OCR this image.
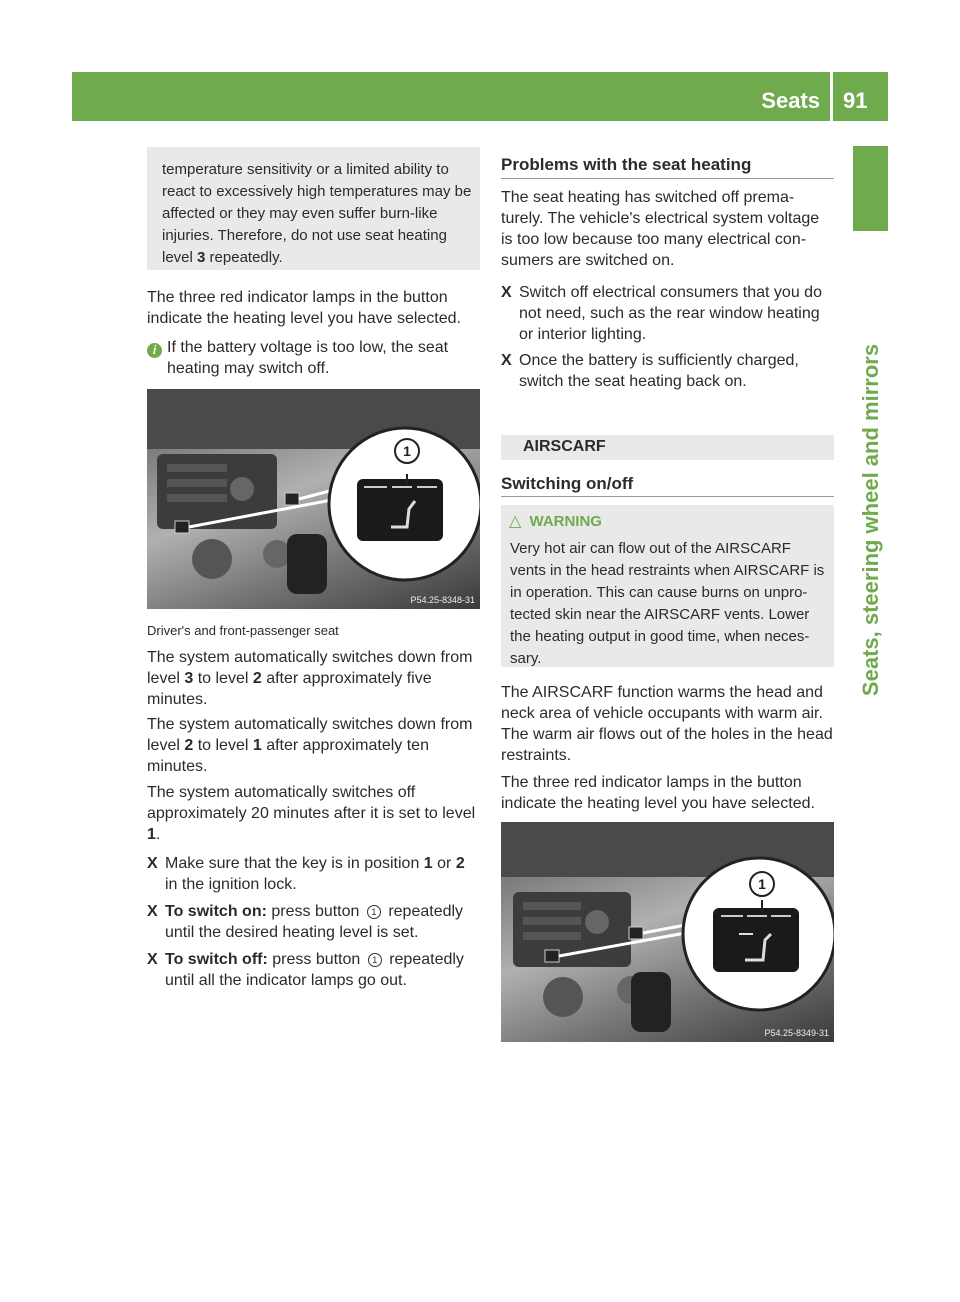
Seats 91
Seats, steering wheel and mirrors
temperature sensitivity or a limited ability to react to excessively high temperatures may be affected or they may even suffer burn-like injuries. Therefore, do not use seat heating level 3 repeatedly.

The three red indicator lamps in the button indicate the heating level you have selected.

i If the battery voltage is too low, the seat heating may switch off.
1
P54.25-8348-31
Driver's and front-passenger seat

The system automatically switches down from level 3 to level 2 after approximately five minutes.

The system automatically switches down from level 2 to level 1 after approximately ten minutes.

The system automatically switches off approximately 20 minutes after it is set to level 1.

X Make sure that the key is in position 1 or 2 in the ignition lock.
X To switch on: press button 1 repeatedly until the desired heating level is set.
X To switch off: press button 1 repeatedly until all the indicator lamps go out.
Problems with the seat heating

The seat heating has switched off prema-turely. The vehicle's electrical system voltage is too low because too many electrical con-sumers are switched on.

X Switch off electrical consumers that you do not need, such as the rear window heating or interior lighting.
X Once the battery is sufficiently charged, switch the seat heating back on.
AIRSCARF
Switching on/off
△ WARNING
Very hot air can flow out of the AIRSCARF vents in the head restraints when AIRSCARF is in operation. This can cause burns on unpro-tected skin near the AIRSCARF vents. Lower the heating output in good time, when neces-sary.

The AIRSCARF function warms the head and neck area of vehicle occupants with warm air. The warm air flows out of the holes in the head restraints.

The three red indicator lamps in the button indicate the heating level you have selected.

1
P54.25-8349-31
